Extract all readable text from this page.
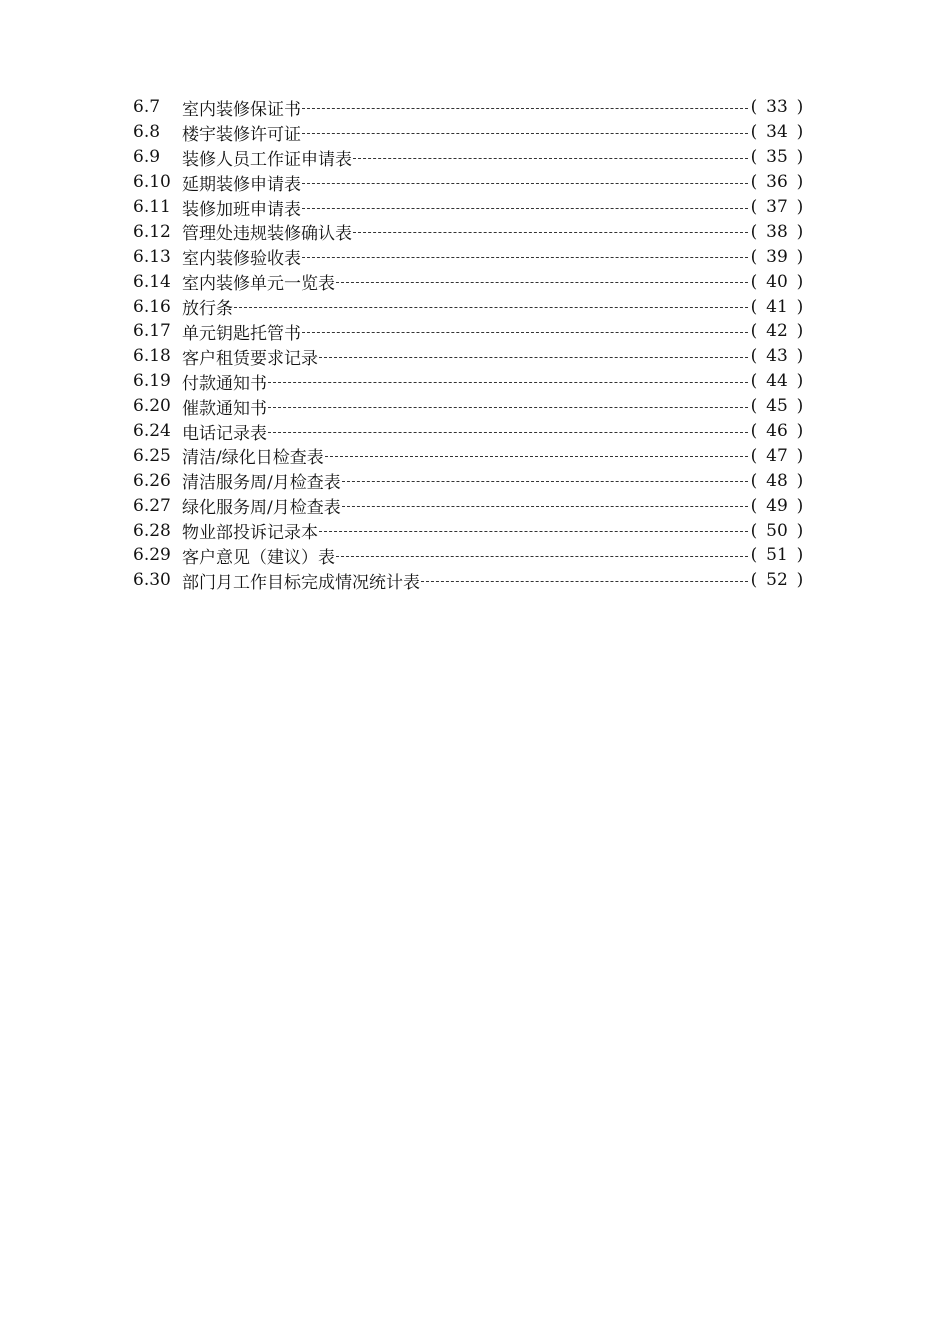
6.7	室内装修保证书	( 33 )
6.8	楼宇装修许可证	( 34 )
6.9	装修人员工作证申请表	( 35 )
6.10 延期装修申请表	( 36 )
6.11 装修加班申请表	( 37 )
6.12 管理处违规装修确认表	( 38 )
6.13 室内装修验收表	( 39 )
6.14 室内装修单元一览表	( 40 )
6.16 放行条	( 41 )
6.17 单元钥匙托管书	( 42 )
6.18 客户租赁要求记录	( 43 )
6.19 付款通知书	( 44 )
6.20 催款通知书	( 45 )
6.24 电话记录表	( 46 )
6.25 清洁/绿化日检查表	( 47 )
6.26 清洁服务周/月检查表	( 48 )
6.27 绿化服务周/月检查表	( 49 )
6.28 物业部投诉记录本	( 50 )
6.29 客户意见（建议）表	( 51 )
6.30 部门月工作目标完成情况统计表	( 52 )
